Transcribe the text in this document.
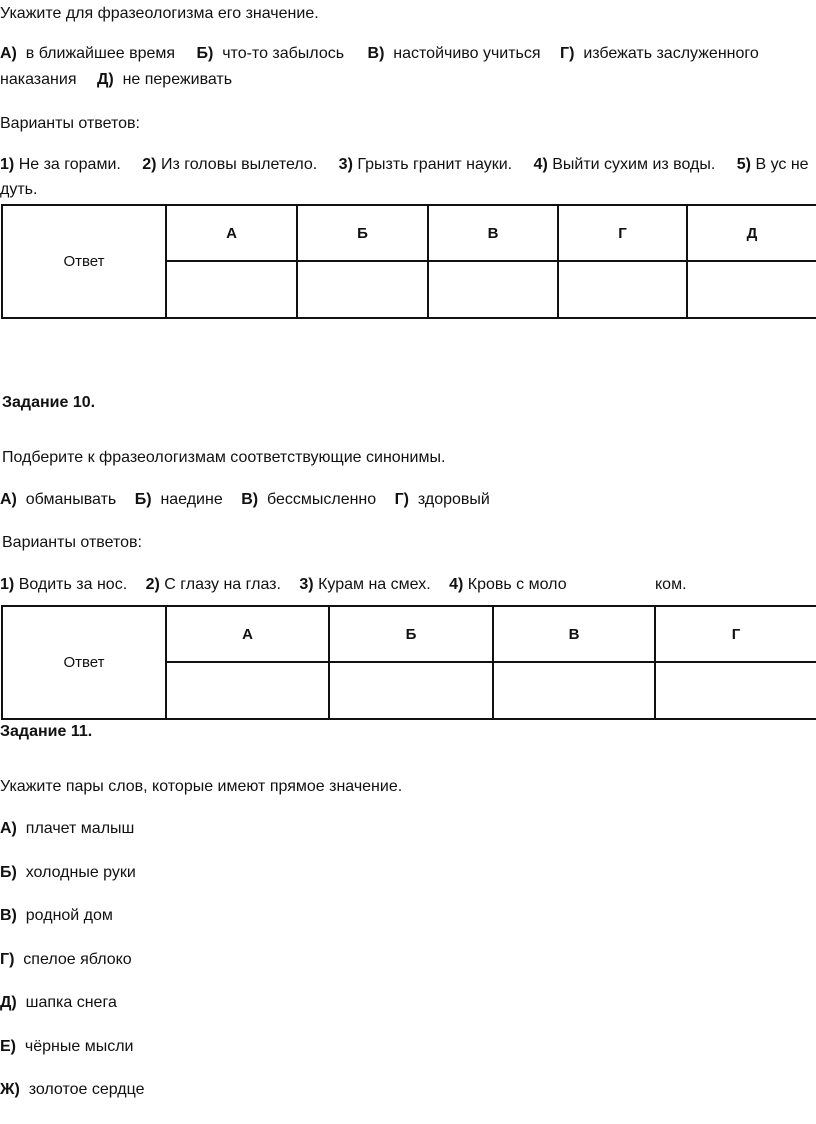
Укажите для фразеологизма его значение.
А) в ближайшее время Б) что-то забылось В) настойчиво учиться Г) избежать заслуженного
наказания Д) не переживать
Варианты ответов:
1) Не за горами. 2) Из головы вылетело. 3) Грызть гранит науки. 4) Выйти сухим из воды. 5) В ус не
дуть.
Ответ	А	Б	В	Г	Д

Задание 10.
Подберите к фразеологизмам соответствующие синонимы.
А) обманывать Б) наедине В) бессмысленно Г) здоровый
Варианты ответов:
1) Водить за нос. 2) С глазу на глаз. 3) Курам на смех. 4) Кровь с моло	ком.
Ответ	А	Б	В	Г

Задание 11.
Укажите пары слов, которые имеют прямое значение.
А) плачет малыш
Б) холодные руки
В) родной дом
Г) спелое яблоко
Д) шапка снега
Е) чёрные мысли
Ж) золотое сердце
